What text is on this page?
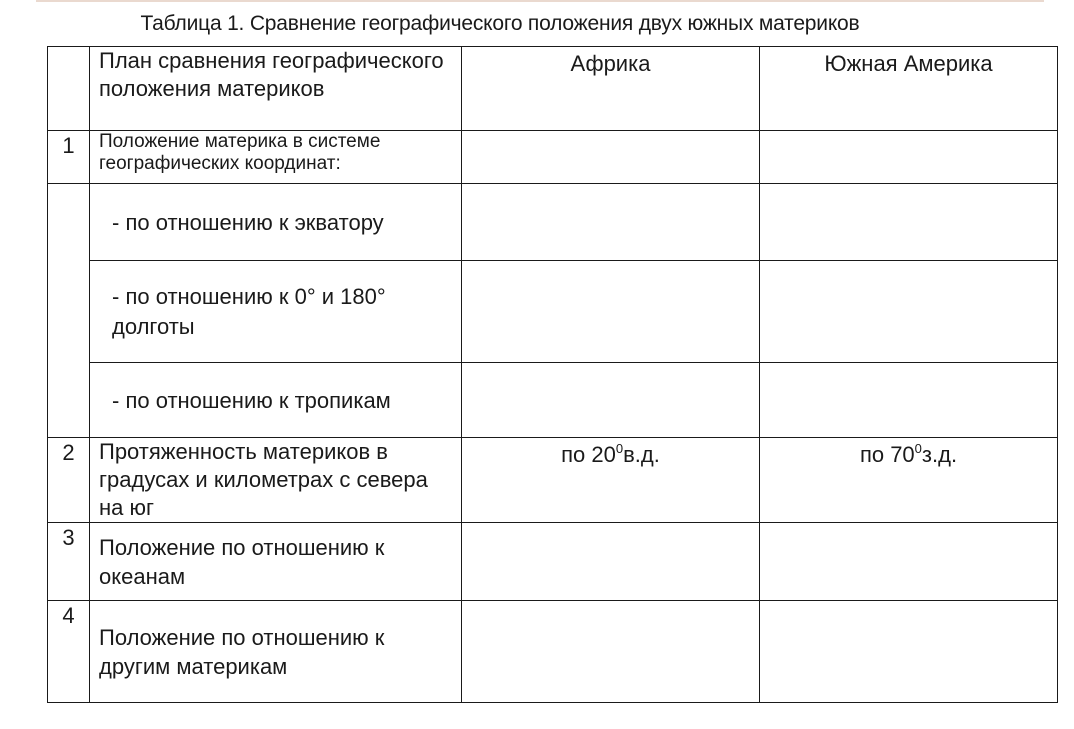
Таблица 1. Сравнение географического положения двух южных материков
	План сравнения географического положения материков	Африка	Южная Америка
1	Положение материка в системе географических координат:		
	- по отношению к экватору		
	- по отношению к 0° и 180° долготы		
	- по отношению к тропикам		
2	Протяженность материков в градусах и километрах с севера на юг	по $20^0в.д$.	по $70^0з.д$.
3	Положение по отношению к океанам		
4	Положение по отношению к другим материкам		
